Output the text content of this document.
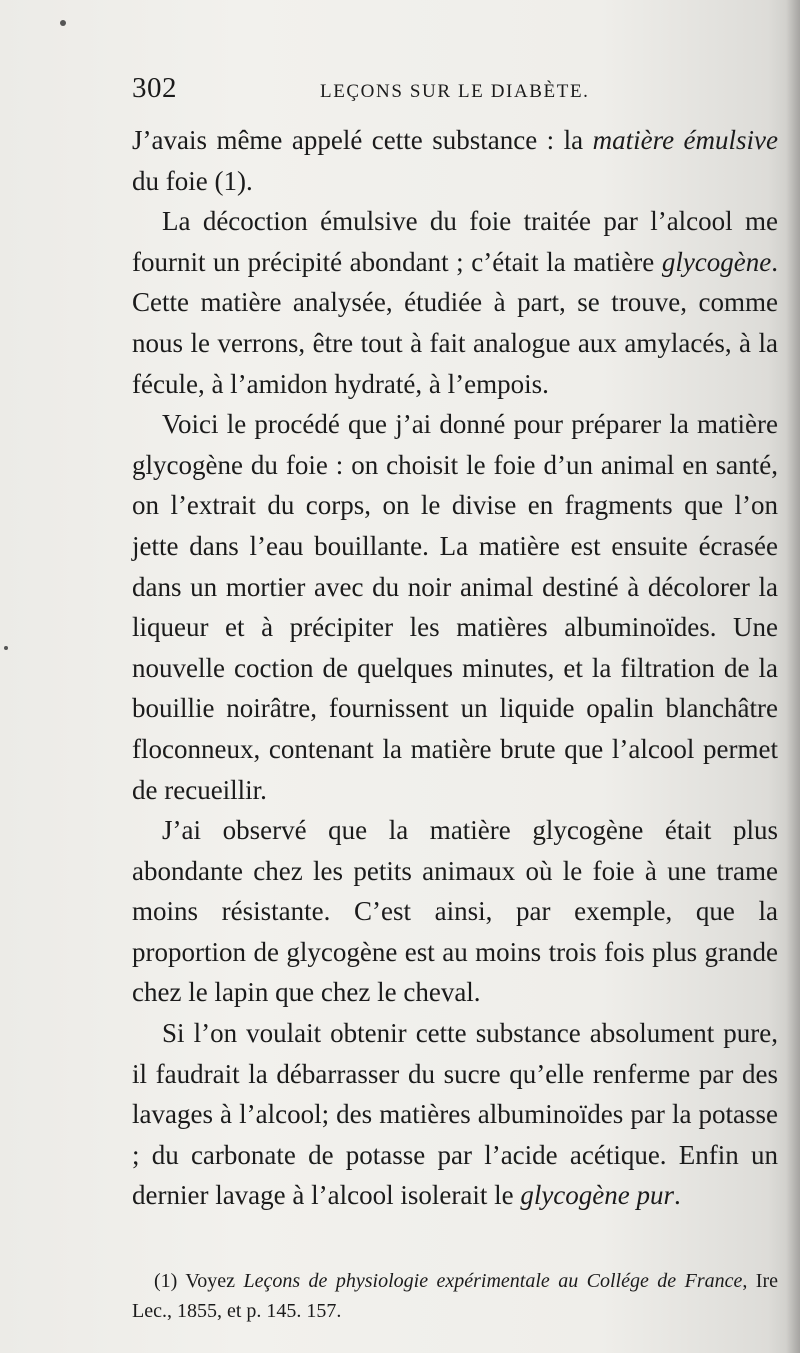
302	LEÇONS SUR LE DIABÈTE.

J’avais même appelé cette substance : la matière émulsive du foie (1).

La décoction émulsive du foie traitée par l’alcool me fournit un précipité abondant ; c’était la matière glycogène. Cette matière analysée, étudiée à part, se trouve, comme nous le verrons, être tout à fait analogue aux amylacés, à la fécule, à l’amidon hydraté, à l’empois.

Voici le procédé que j’ai donné pour préparer la matière glycogène du foie : on choisit le foie d’un animal en santé, on l’extrait du corps, on le divise en fragments que l’on jette dans l’eau bouillante. La matière est ensuite écrasée dans un mortier avec du noir animal destiné à décolorer la liqueur et à précipiter les matières albuminoïdes. Une nouvelle coction de quelques minutes, et la filtration de la bouillie noirâtre, fournissent un liquide opalin blanchâtre floconneux, contenant la matière brute que l’alcool permet de recueillir.

J’ai observé que la matière glycogène était plus abondante chez les petits animaux où le foie à une trame moins résistante. C’est ainsi, par exemple, que la proportion de glycogène est au moins trois fois plus grande chez le lapin que chez le cheval.

Si l’on voulait obtenir cette substance absolument pure, il faudrait la débarrasser du sucre qu’elle renferme par des lavages à l’alcool; des matières albuminoïdes par la potasse ; du carbonate de potasse par l’acide acétique. Enfin un dernier lavage à l’alcool isolerait le glycogène pur.

(1) Voyez Leçons de physiologie expérimentale au Collége de France, Ire Lec., 1855, et p. 145. 157.
